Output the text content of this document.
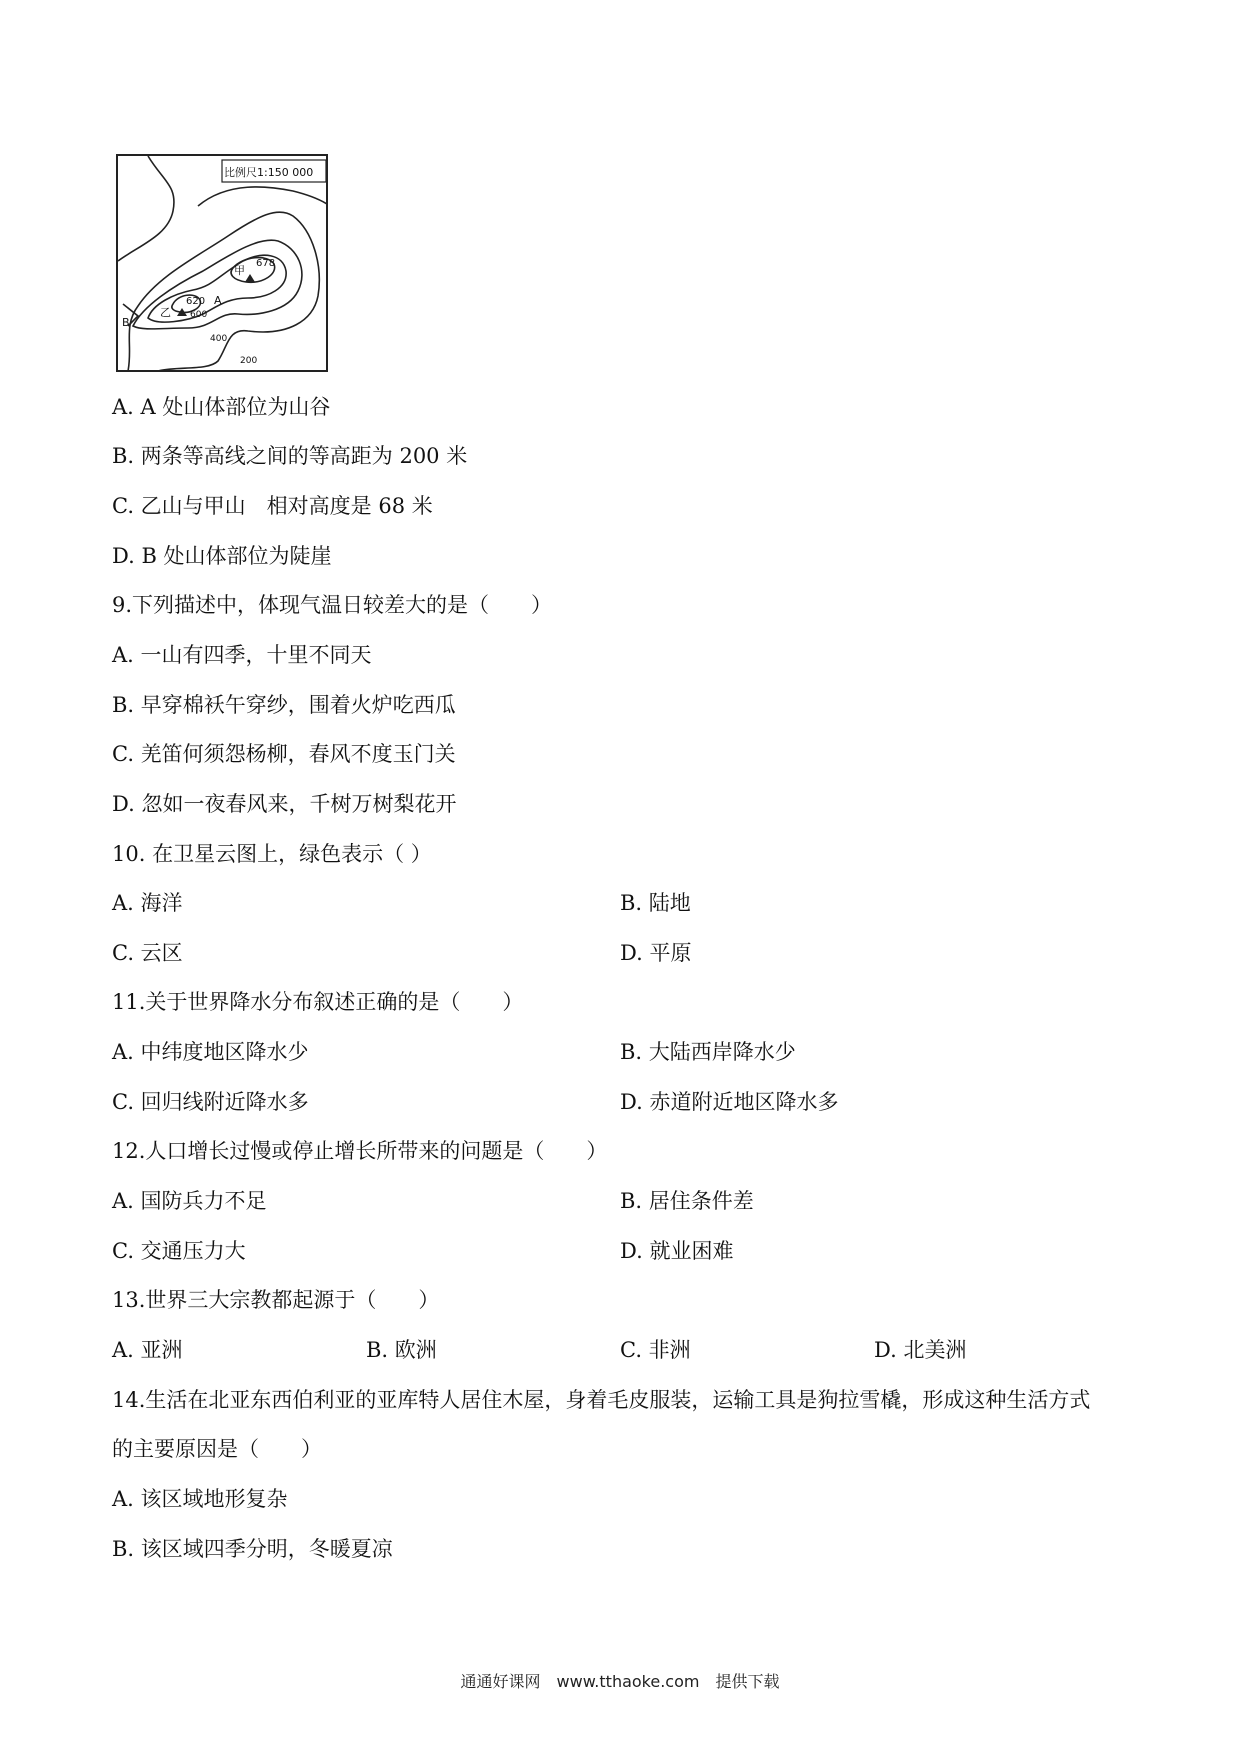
比例尺1:150 000
甲
678
乙
620 A
B
600
400
200
A. A 处山体部位为山谷
B. 两条等高线之间的等高距为 200 米
C. 乙山与甲山　相对高度是 68 米
D. B 处山体部位为陡崖
9.下列描述中，体现气温日较差大的是（　　）
A. 一山有四季，十里不同天
B. 早穿棉袄午穿纱，围着火炉吃西瓜
C. 羌笛何须怨杨柳，春风不度玉门关
D. 忽如一夜春风来，千树万树梨花开
10. 在卫星云图上，绿色表示（ ）
A. 海洋	B. 陆地
C. 云区	D. 平原
11.关于世界降水分布叙述正确的是（　　）
A. 中纬度地区降水少	B. 大陆西岸降水少
C. 回归线附近降水多	D. 赤道附近地区降水多
12.人口增长过慢或停止增长所带来的问题是（　　）
A. 国防兵力不足	B. 居住条件差
C. 交通压力大	D. 就业困难
13.世界三大宗教都起源于（　　）
A. 亚洲	B. 欧洲	C. 非洲	D. 北美洲
14.生活在北亚东西伯利亚的亚库特人居住木屋，身着毛皮服装，运输工具是狗拉雪橇，形成这种生活方式
的主要原因是（　　）
A. 该区域地形复杂
B. 该区域四季分明，冬暖夏凉
通通好课网　www.tthaoke.com　提供下载
